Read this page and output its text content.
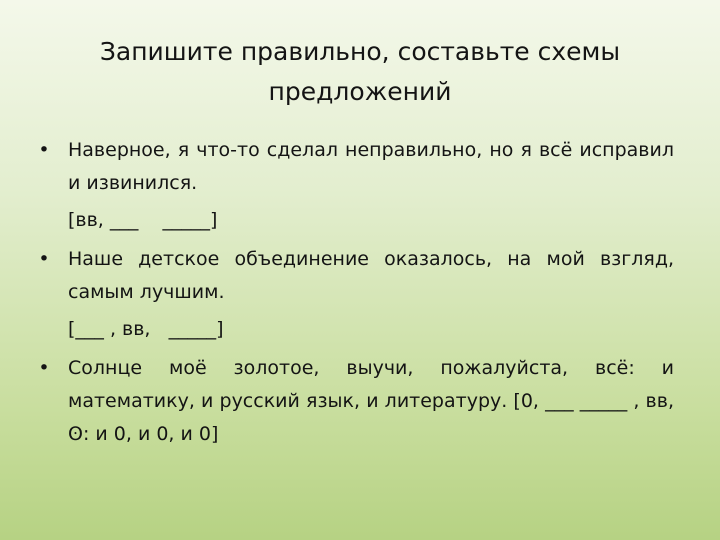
Запишите правильно, составьте схемы предложений
• Наверное, я что-то сделал неправильно, но я всё исправил и извинился.
[вв, ___    _____]
• Наше детское объединение оказалось, на мой взгляд, самым лучшим.
[___ , вв,   _____]
• Солнце моё золотое, выучи, пожалуйста, всё: и математику, и русский язык, и литературу. [0, ___ _____ , вв, ʘ: и 0, и 0, и 0]
